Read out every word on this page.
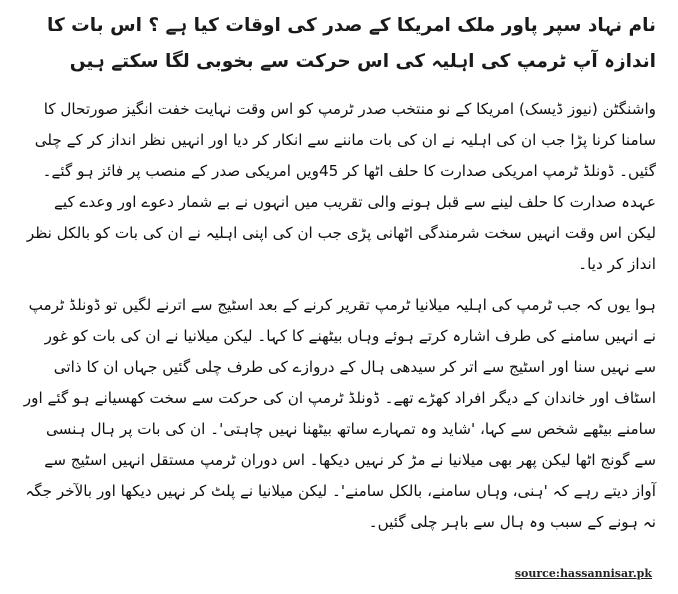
نام نہاد سپر پاور ملک امریکا کے صدر کی اوقات کیا ہے ؟ اس بات کا اندازہ آپ ٹرمپ کی اہلیہ کی اس حرکت سے بخوبی لگا سکتے ہیں
واشنگٹن (نیوز ڈیسک) امریکا کے نو منتخب صدر ٹرمپ کو اس وقت نہایت خفت انگیز صورتحال کا سامنا کرنا پڑا جب ان کی اہلیہ نے ان کی بات ماننے سے انکار کر دیا اور انہیں نظر انداز کر کے چلی گئیں۔ ڈونلڈ ٹرمپ امریکی صدارت کا حلف اٹھا کر 45ویں امریکی صدر کے منصب پر فائز ہو گئے۔ عہدہ صدارت کا حلف لینے سے قبل ہونے والی تقریب میں انہوں نے بے شمار دعوے اور وعدے کیے لیکن اس وقت انہیں سخت شرمندگی اٹھانی پڑی جب ان کی اپنی اہلیہ نے ان کی بات کو بالکل نظر انداز کر دیا۔
ہوا یوں کہ جب ٹرمپ کی اہلیہ میلانیا ٹرمپ تقریر کرنے کے بعد اسٹیج سے اترنے لگیں تو ڈونلڈ ٹرمپ نے انہیں سامنے کی طرف اشارہ کرتے ہوئے وہاں بیٹھنے کا کہا۔ لیکن میلانیا نے ان کی بات کو غور سے نہیں سنا اور اسٹیج سے اتر کر سیدھی ہال کے دروازے کی طرف چلی گئیں جہاں ان کا ذاتی اسٹاف اور خاندان کے دیگر افراد کھڑے تھے۔ ڈونلڈ ٹرمپ ان کی حرکت سے سخت کھسیانے ہو گئے اور سامنے بیٹھے شخص سے کہا، 'شاید وہ تمہارے ساتھ بیٹھنا نہیں چاہتی'۔ ان کی بات پر ہال ہنسی سے گونج اٹھا لیکن پھر بھی میلانیا نے مڑ کر نہیں دیکھا۔ اس دوران ٹرمپ مستقل انہیں اسٹیج سے آواز دیتے رہے کہ 'ہنی، وہاں سامنے، بالکل سامنے'۔ لیکن میلانیا نے پلٹ کر نہیں دیکھا اور بالآخر جگہ نہ ہونے کے سبب وہ ہال سے باہر چلی گئیں۔
source:hassannisar.pk
